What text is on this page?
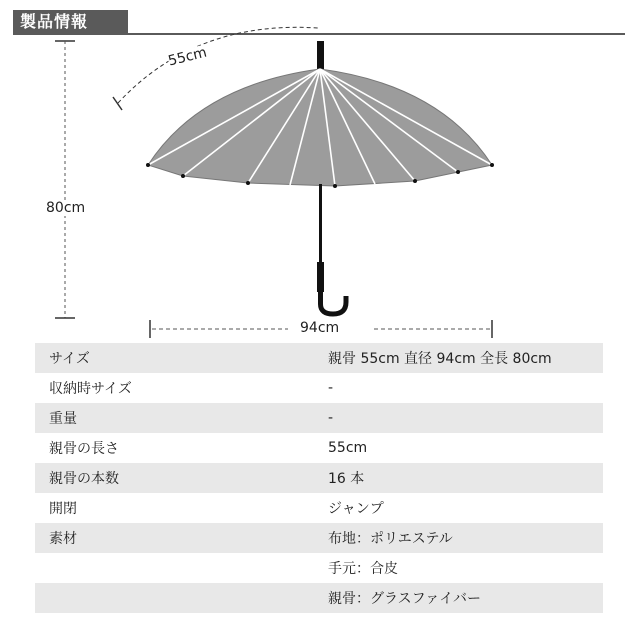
製品情報
55cm
80cm
94cm
サイズ	親骨 55cm 直径 94cm 全長 80cm
収納時サイズ	-
重量	-
親骨の長さ	55cm
親骨の本数	16 本
開閉	ジャンプ
素材	布地：ポリエステル
	手元：合皮
	親骨：グラスファイバー
